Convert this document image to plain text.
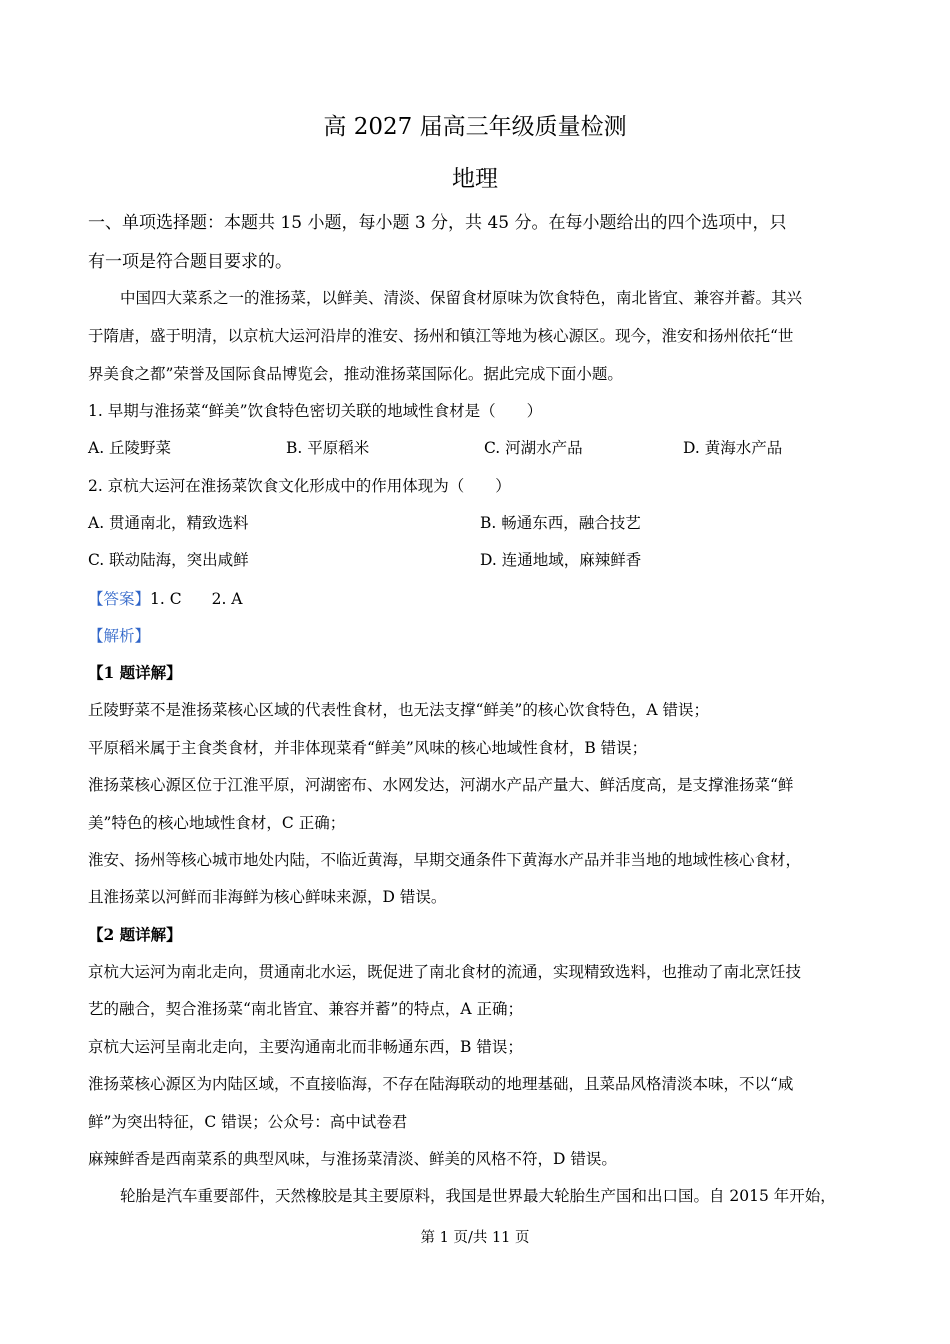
高 2027 届高三年级质量检测
地理
一、单项选择题：本题共 15 小题，每小题 3 分，共 45 分。在每小题给出的四个选项中，只
有一项是符合题目要求的。
中国四大菜系之一的淮扬菜，以鲜美、清淡、保留食材原味为饮食特色，南北皆宜、兼容并蓄。其兴
于隋唐，盛于明清，以京杭大运河沿岸的淮安、扬州和镇江等地为核心源区。现今，淮安和扬州依托“世
界美食之都”荣誉及国际食品博览会，推动淮扬菜国际化。据此完成下面小题。
1. 早期与淮扬菜“鲜美”饮食特色密切关联的地域性食材是（　　）
A. 丘陵野菜	B. 平原稻米	C. 河湖水产品	D. 黄海水产品
2. 京杭大运河在淮扬菜饮食文化形成中的作用体现为（　　）
A. 贯通南北，精致选料	B. 畅通东西，融合技艺
C. 联动陆海，突出咸鲜	D. 连通地域，麻辣鲜香
【答案】1. C 2. A
【解析】
【1 题详解】
丘陵野菜不是淮扬菜核心区域的代表性食材，也无法支撑“鲜美”的核心饮食特色，A 错误；
平原稻米属于主食类食材，并非体现菜肴“鲜美”风味的核心地域性食材，B 错误；
淮扬菜核心源区位于江淮平原，河湖密布、水网发达，河湖水产品产量大、鲜活度高，是支撑淮扬菜“鲜
美”特色的核心地域性食材，C 正确；
淮安、扬州等核心城市地处内陆，不临近黄海，早期交通条件下黄海水产品并非当地的地域性核心食材，
且淮扬菜以河鲜而非海鲜为核心鲜味来源，D 错误。
【2 题详解】
京杭大运河为南北走向，贯通南北水运，既促进了南北食材的流通，实现精致选料，也推动了南北烹饪技
艺的融合，契合淮扬菜“南北皆宜、兼容并蓄”的特点，A 正确；
京杭大运河呈南北走向，主要沟通南北而非畅通东西，B 错误；
淮扬菜核心源区为内陆区域，不直接临海，不存在陆海联动的地理基础，且菜品风格清淡本味，不以“咸
鲜”为突出特征，C 错误；公众号：高中试卷君
麻辣鲜香是西南菜系的典型风味，与淮扬菜清淡、鲜美的风格不符，D 错误。
轮胎是汽车重要部件，天然橡胶是其主要原料，我国是世界最大轮胎生产国和出口国。自 2015 年开始，
第 1 页/共 11 页
